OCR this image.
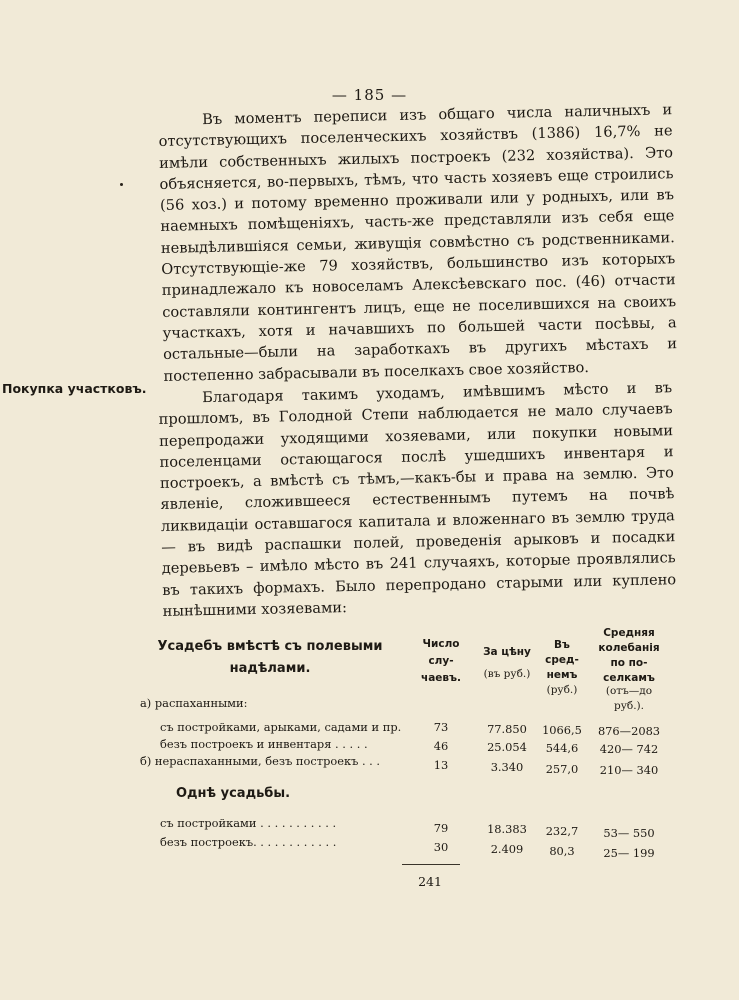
— 185 —

Въ моментъ переписи изъ общаго числа наличныхъ и отсутствующихъ поселенческихъ хозяйствъ (1386) 16,7% не имѣли собственныхъ жилыхъ построекъ (232 хозяйства). Это объясняется, во-первыхъ, тѣмъ, что часть хозяевъ еще строились (56 хоз.) и потому временно проживали или у родныхъ, или въ наемныхъ помѣщеніяхъ, часть-же представляли изъ себя еще невыдѣлившіяся семьи, живущія совмѣстно съ родственниками. Отсутствующіе-же 79 хозяйствъ, большинство изъ которыхъ принадлежало къ новоселамъ Алексѣевскаго пос. (46) отчасти составляли контингентъ лицъ, еще не поселившихся на своихъ участкахъ, хотя и начавшихъ по большей части посѣвы, а остальные—были на заработкахъ въ другихъ мѣстахъ и постепенно забрасывали въ поселкахъ свое хозяйство.

Покупка участковъ.	Благодаря такимъ уходамъ, имѣвшимъ мѣсто и въ прошломъ, въ Голодной Степи наблюдается не мало случаевъ перепродажи уходящими хозяевами, или покупки новыми поселенцами остающагося послѣ ушедшихъ инвентаря и построекъ, а вмѣстѣ съ тѣмъ,—какъ-бы и права на землю. Это явленіе, сложившееся естественнымъ путемъ на почвѣ ликвидаціи оставшагося капитала и вложеннаго въ землю труда — въ видѣ распашки полей, проведенія арыковъ и посадки деревьевъ – имѣло мѣсто въ 241 случаяхъ, которые проявлялись въ такихъ формахъ. Было перепродано старыми или куплено нынѣшними хозяевами:

Усадебъ вмѣстѣ съ полевыми надѣлами.
Число слу-чаевъ.
За цѣну
(въ руб.)
Въ сред-немъ
(руб.)
Средняя колебанія по по-селкамъ
(отъ—до руб.).
а) распаханными:
съ постройками, арыками, садами и пр.	73	77.850	1066,5	876—2083
безъ построекъ и инвентаря . . . . .	46	25.054	544,6	420— 742
б) нераспаханными, безъ построекъ . . .	13	3.340	257,0	210— 340
Однѣ усадьбы.
съ постройками . . . . . . . . . . .	79	18.383	232,7	53— 550
безъ построекъ. . . . . . . . . . . .	30	2.409	80,3	25— 199
241
